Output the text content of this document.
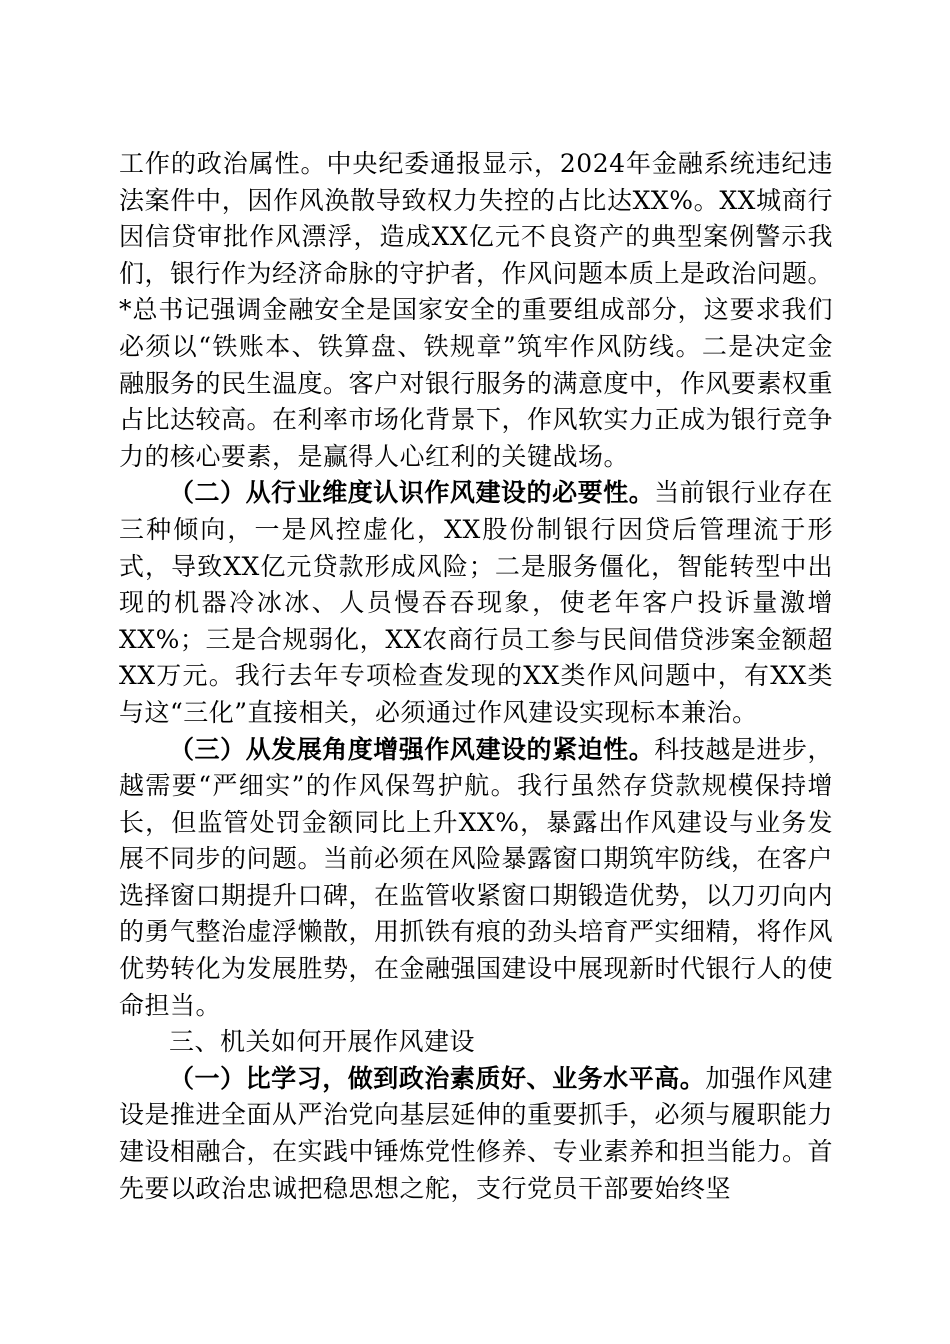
工作的政治属性。中央纪委通报显示，2024年金融系统违纪违法案件中，因作风涣散导致权力失控的占比达XX%。XX城商行因信贷审批作风漂浮，造成XX亿元不良资产的典型案例警示我们，银行作为经济命脉的守护者，作风问题本质上是政治问题。*总书记强调金融安全是国家安全的重要组成部分，这要求我们必须以“铁账本、铁算盘、铁规章”筑牢作风防线。二是决定金融服务的民生温度。客户对银行服务的满意度中，作风要素权重占比达较高。在利率市场化背景下，作风软实力正成为银行竞争力的核心要素，是赢得人心红利的关键战场。

（二）从行业维度认识作风建设的必要性。当前银行业存在三种倾向，一是风控虚化，XX股份制银行因贷后管理流于形式，导致XX亿元贷款形成风险；二是服务僵化，智能转型中出现的机器冷冰冰、人员慢吞吞现象，使老年客户投诉量激增XX%；三是合规弱化，XX农商行员工参与民间借贷涉案金额超XX万元。我行去年专项检查发现的XX类作风问题中，有XX类与这“三化”直接相关，必须通过作风建设实现标本兼治。

（三）从发展角度增强作风建设的紧迫性。科技越是进步，越需要“严细实”的作风保驾护航。我行虽然存贷款规模保持增长，但监管处罚金额同比上升XX%，暴露出作风建设与业务发展不同步的问题。当前必须在风险暴露窗口期筑牢防线，在客户选择窗口期提升口碑，在监管收紧窗口期锻造优势，以刀刃向内的勇气整治虚浮懒散，用抓铁有痕的劲头培育严实细精，将作风优势转化为发展胜势，在金融强国建设中展现新时代银行人的使命担当。

三、机关如何开展作风建设

（一）比学习，做到政治素质好、业务水平高。加强作风建设是推进全面从严治党向基层延伸的重要抓手，必须与履职能力建设相融合，在实践中锤炼党性修养、专业素养和担当能力。首先要以政治忠诚把稳思想之舵，支行党员干部要始终坚
